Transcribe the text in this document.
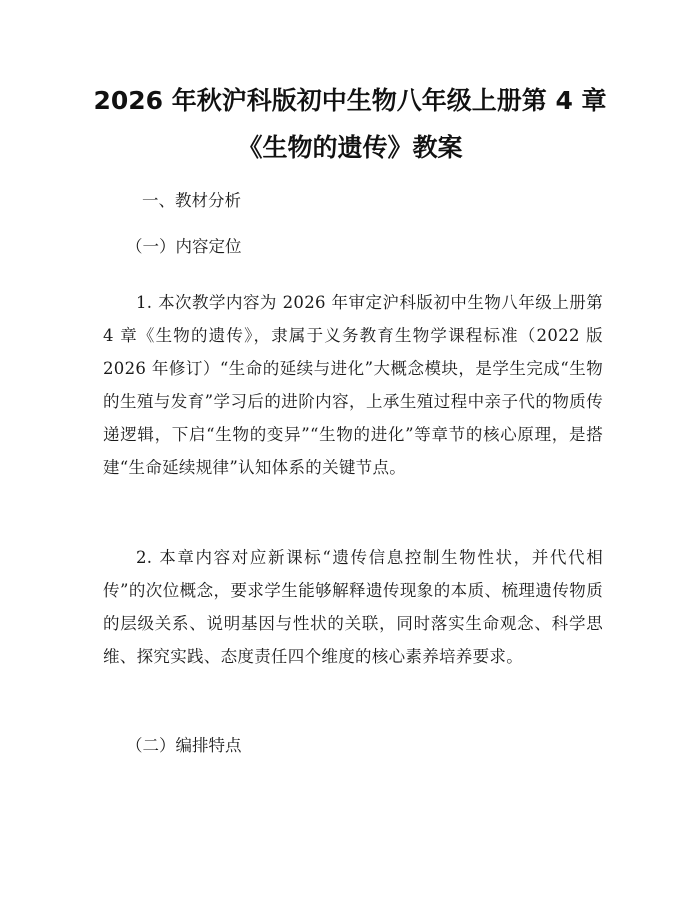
2026 年秋沪科版初中生物八年级上册第 4 章
《生物的遗传》教案
一、教材分析
（一）内容定位
1. 本次教学内容为 2026 年审定沪科版初中生物八年级上册第 4 章《生物的遗传》，隶属于义务教育生物学课程标准（2022 版 2026 年修订）“生命的延续与进化”大概念模块，是学生完成“生物的生殖与发育”学习后的进阶内容，上承生殖过程中亲子代的物质传递逻辑，下启“生物的变异”“生物的进化”等章节的核心原理，是搭建“生命延续规律”认知体系的关键节点。
2. 本章内容对应新课标“遗传信息控制生物性状，并代代相传”的次位概念，要求学生能够解释遗传现象的本质、梳理遗传物质的层级关系、说明基因与性状的关联，同时落实生命观念、科学思维、探究实践、态度责任四个维度的核心素养培养要求。
（二）编排特点
